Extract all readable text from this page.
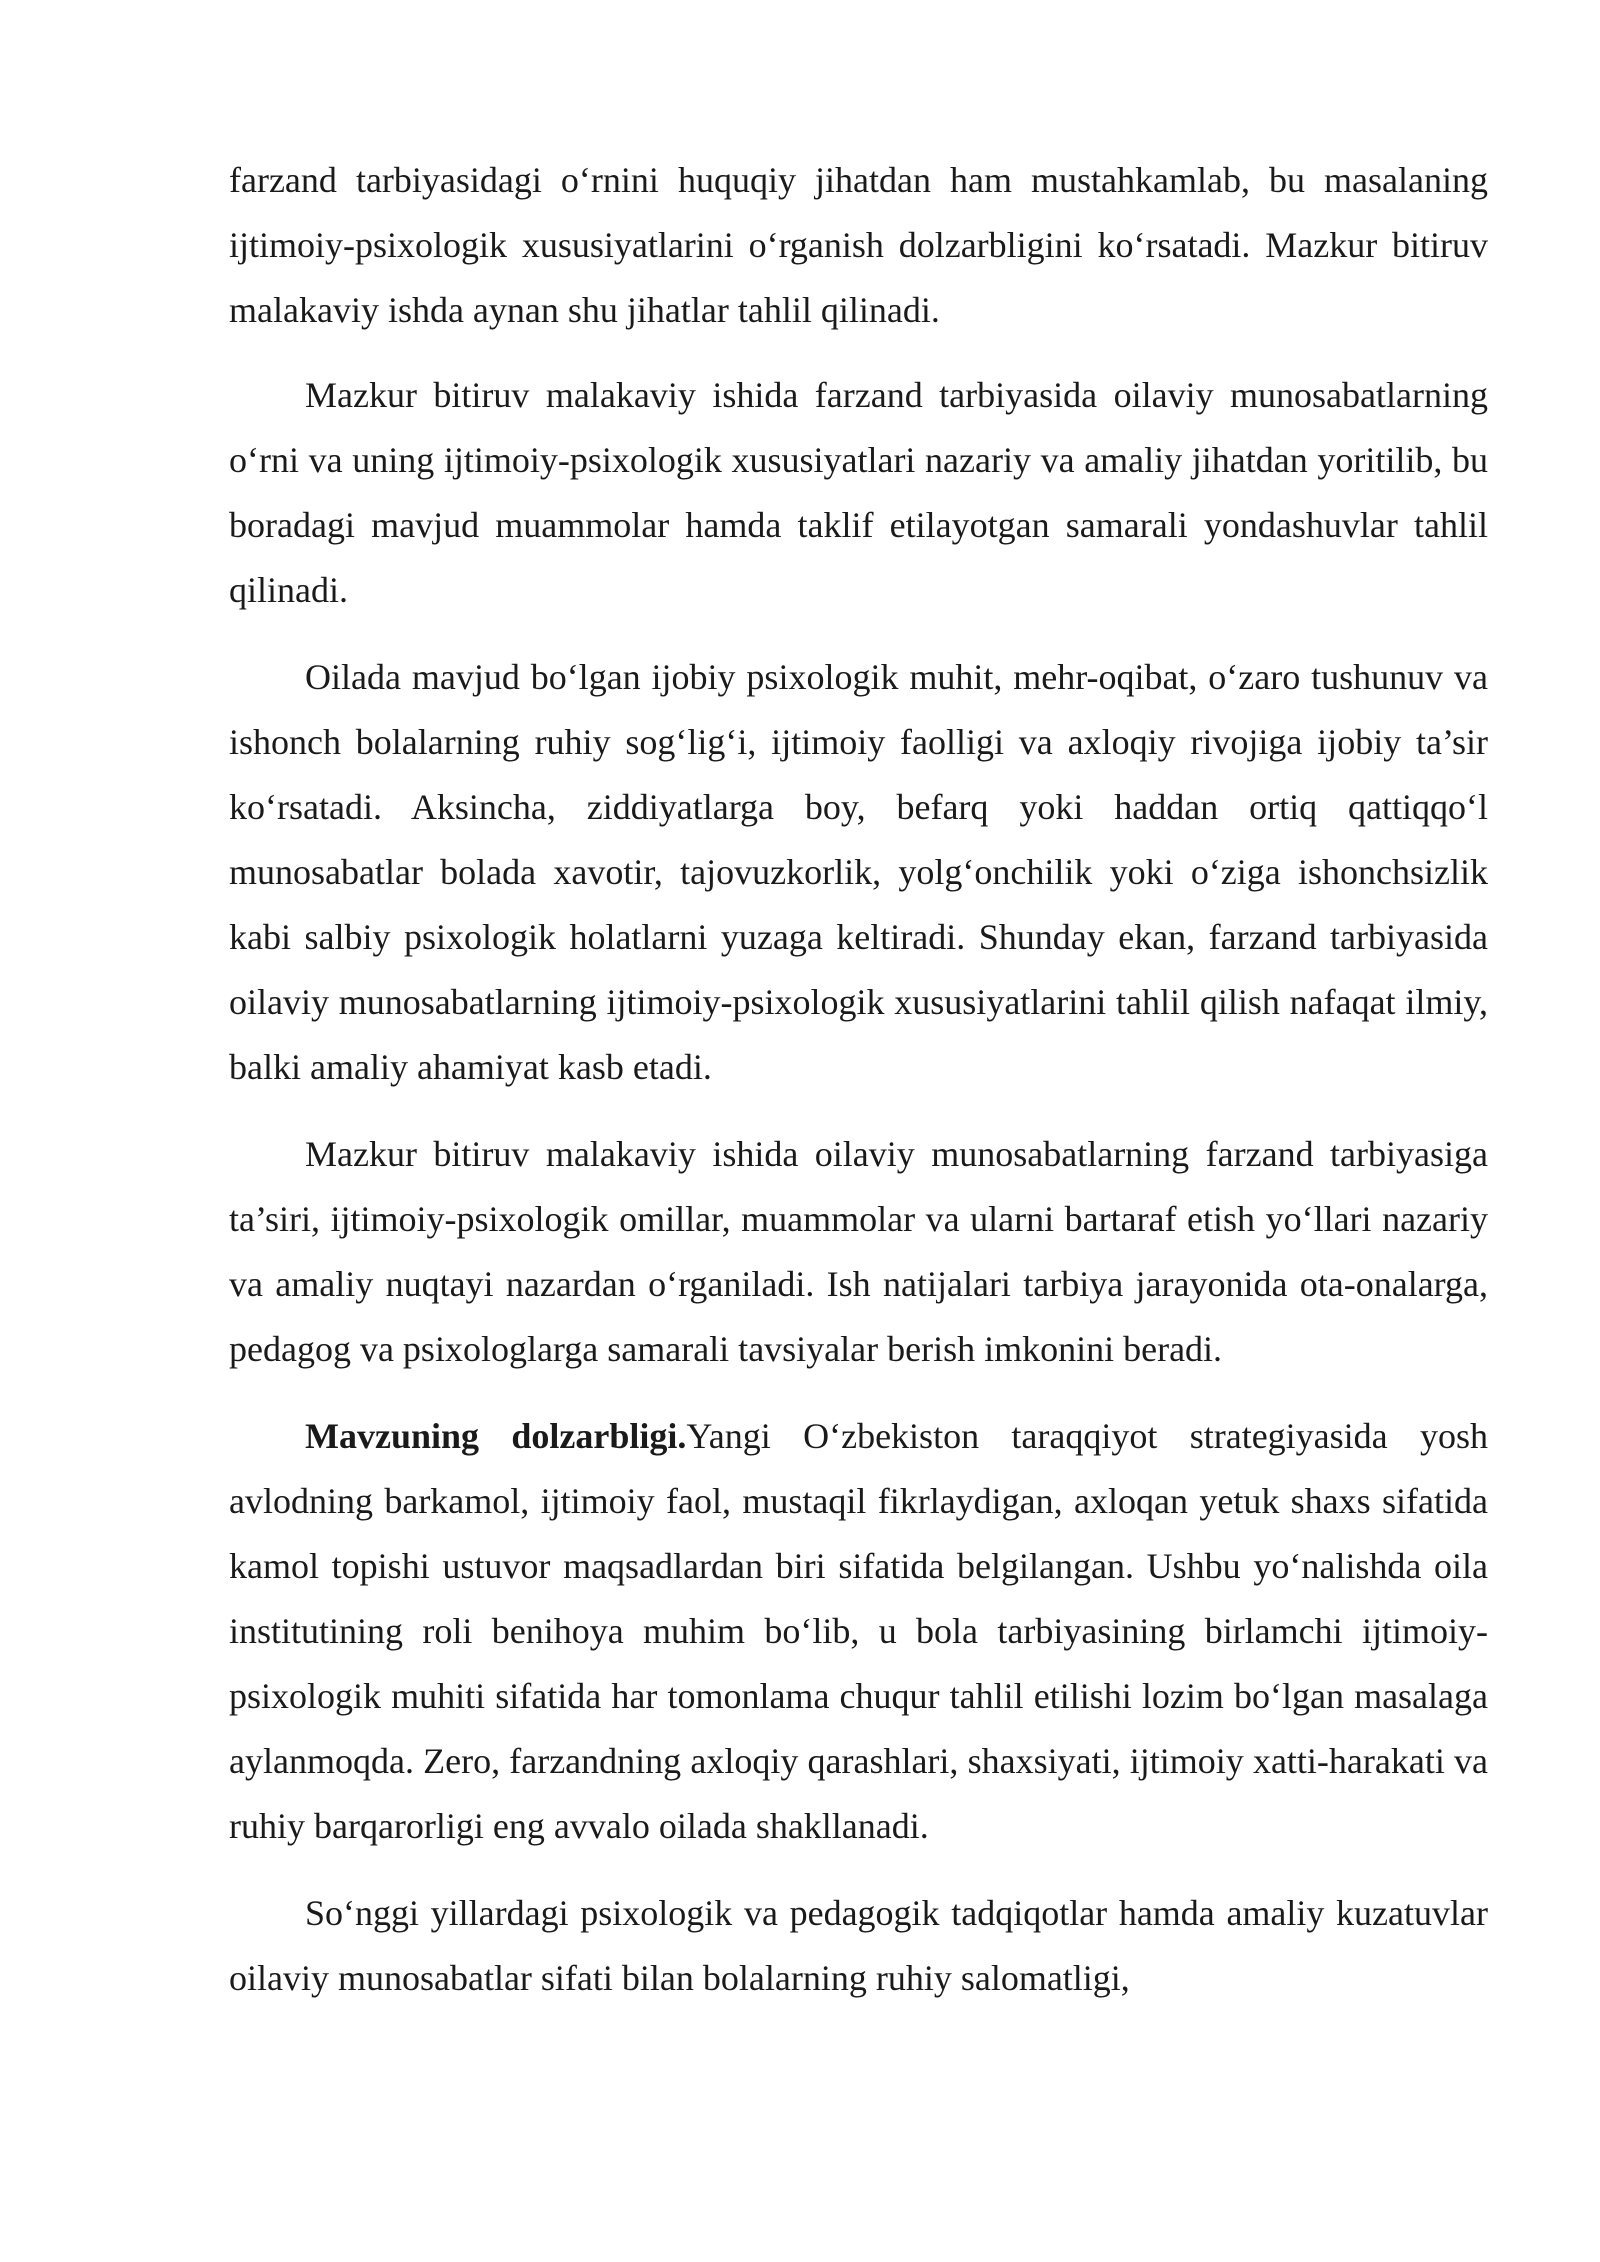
farzand tarbiyasidagi o‘rnini huquqiy jihatdan ham mustahkamlab, bu masalaning ijtimoiy-psixologik xususiyatlarini o‘rganish dolzarbligini ko‘rsatadi. Mazkur bitiruv malakaviy ishda aynan shu jihatlar tahlil qilinadi.

Mazkur bitiruv malakaviy ishida farzand tarbiyasida oilaviy munosabatlarning o‘rni va uning ijtimoiy-psixologik xususiyatlari nazariy va amaliy jihatdan yoritilib, bu boradagi mavjud muammolar hamda taklif etilayotgan samarali yondashuvlar tahlil qilinadi.

Oilada mavjud bo‘lgan ijobiy psixologik muhit, mehr-oqibat, o‘zaro tushunuv va ishonch bolalarning ruhiy sog‘lig‘i, ijtimoiy faolligi va axloqiy rivojiga ijobiy ta’sir ko‘rsatadi. Aksincha, ziddiyatlarga boy, befarq yoki haddan ortiq qattiqqo‘l munosabatlar bolada xavotir, tajovuzkorlik, yolg‘onchilik yoki o‘ziga ishonchsizlik kabi salbiy psixologik holatlarni yuzaga keltiradi. Shunday ekan, farzand tarbiyasida oilaviy munosabatlarning ijtimoiy-psixologik xususiyatlarini tahlil qilish nafaqat ilmiy, balki amaliy ahamiyat kasb etadi.

Mazkur bitiruv malakaviy ishida oilaviy munosabatlarning farzand tarbiyasiga ta’siri, ijtimoiy-psixologik omillar, muammolar va ularni bartaraf etish yo‘llari nazariy va amaliy nuqtayi nazardan o‘rganiladi. Ish natijalari tarbiya jarayonida ota-onalarga, pedagog va psixologlarga samarali tavsiyalar berish imkonini beradi.

Mavzuning dolzarbligi.Yangi O‘zbekiston taraqqiyot strategiyasida yosh avlodning barkamol, ijtimoiy faol, mustaqil fikrlaydigan, axloqan yetuk shaxs sifatida kamol topishi ustuvor maqsadlardan biri sifatida belgilangan. Ushbu yo‘nalishda oila institutining roli benihoya muhim bo‘lib, u bola tarbiyasining birlamchi ijtimoiy-psixologik muhiti sifatida har tomonlama chuqur tahlil etilishi lozim bo‘lgan masalaga aylanmoqda. Zero, farzandning axloqiy qarashlari, shaxsiyati, ijtimoiy xatti-harakati va ruhiy barqarorligi eng avvalo oilada shakllanadi.

So‘nggi yillardagi psixologik va pedagogik tadqiqotlar hamda amaliy kuzatuvlar oilaviy munosabatlar sifati bilan bolalarning ruhiy salomatligi,
